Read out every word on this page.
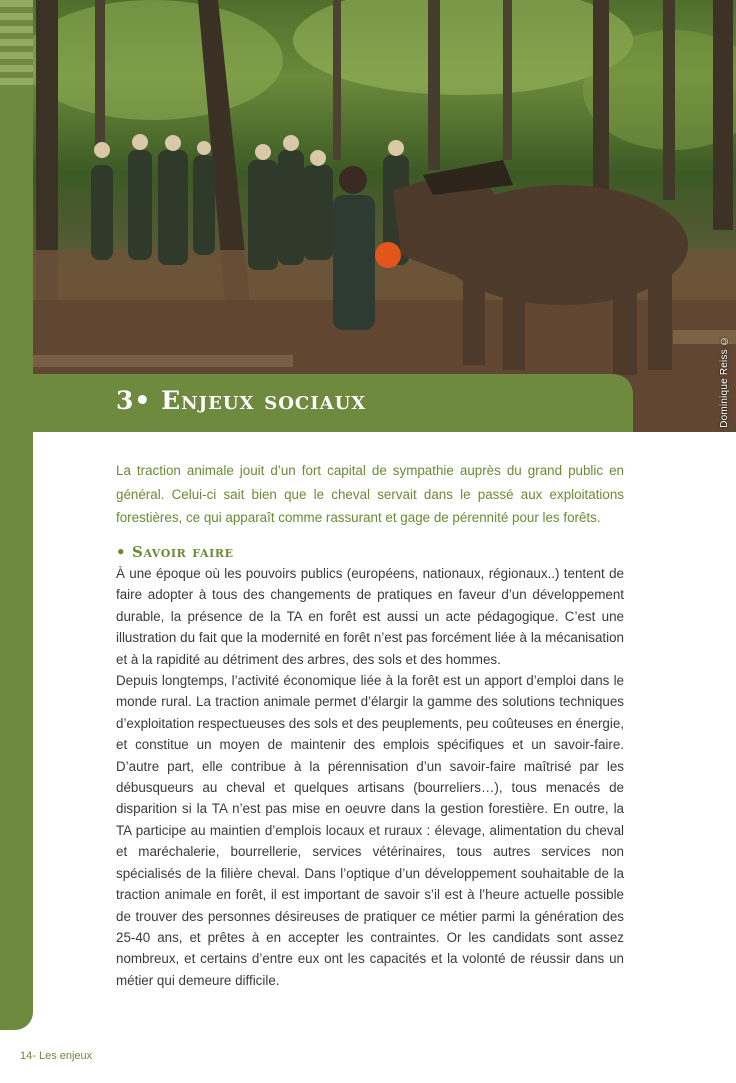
Dominique Reiss ©
3• Enjeux sociaux

La traction animale jouit d’un fort capital de sympathie auprès du grand public en général. Celui-ci sait bien que le cheval servait dans le passé aux exploitations forestières, ce qui apparaît comme rassurant et gage de pérennité pour les forêts.

• Savoir faire

À une époque où les pouvoirs publics (européens, nationaux, régionaux..) tentent de faire adopter à tous des changements de pratiques en faveur d’un développement durable, la présence de la TA en forêt est aussi un acte pédagogique. C’est une illustration du fait que la modernité en forêt n’est pas forcément liée à la mécanisation et à la rapidité au détriment des arbres, des sols et des hommes.

Depuis longtemps, l’activité économique liée à la forêt est un apport d’emploi dans le monde rural. La traction animale permet d’élargir la gamme des solutions techniques d’exploitation respectueuses des sols et des peuplements, peu coûteuses en énergie, et constitue un moyen de maintenir des emplois spécifiques et un savoir-faire. D’autre part, elle contribue à la pérennisation d’un savoir-faire maîtrisé par les débusqueurs au cheval et quelques artisans (bourreliers…), tous menacés de disparition si la TA n’est pas mise en oeuvre dans la gestion forestière. En outre, la TA participe au maintien d’emplois locaux et ruraux : élevage, alimentation du cheval et maréchalerie, bourrellerie, services vétérinaires, tous autres services non spécialisés de la filière cheval. Dans l’optique d’un développement souhaitable de la traction animale en forêt, il est important de savoir s’il est à l’heure actuelle possible de trouver des personnes désireuses de pratiquer ce métier parmi la génération des 25-40 ans, et prêtes à en accepter les contraintes. Or les candidats sont assez nombreux, et certains d’entre eux ont les capacités et la volonté de réussir dans un métier qui demeure difficile.

14- Les enjeux
